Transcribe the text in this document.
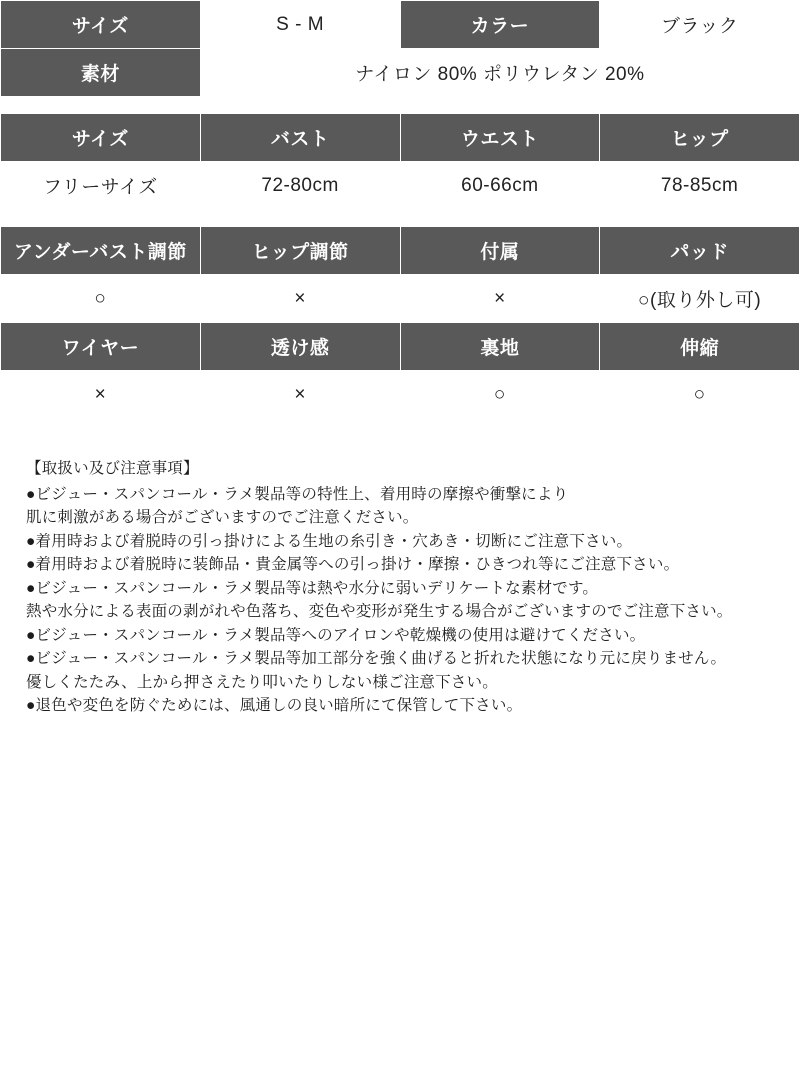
サイズ	S - M	カラー	ブラック
素材	ナイロン 80% ポリウレタン 20%		
サイズ	バスト	ウエスト	ヒップ
フリーサイズ	72-80cm	60-66cm	78-85cm
アンダーバスト調節	ヒップ調節	付属	パッド
○	×	×	○(取り外し可)
ワイヤー	透け感	裏地	伸縮
×	×	○	○

【取扱い及び注意事項】

●ビジュー・スパンコール・ラメ製品等の特性上、着用時の摩擦や衝撃により

肌に刺激がある場合がございますのでご注意ください。

●着用時および着脱時の引っ掛けによる生地の糸引き・穴あき・切断にご注意下さい。

●着用時および着脱時に装飾品・貴金属等への引っ掛け・摩擦・ひきつれ等にご注意下さい。

●ビジュー・スパンコール・ラメ製品等は熱や水分に弱いデリケートな素材です。

熱や水分による表面の剥がれや色落ち、変色や変形が発生する場合がございますのでご注意下さい。

●ビジュー・スパンコール・ラメ製品等へのアイロンや乾燥機の使用は避けてください。

●ビジュー・スパンコール・ラメ製品等加工部分を強く曲げると折れた状態になり元に戻りません。

優しくたたみ、上から押さえたり叩いたりしない様ご注意下さい。

●退色や変色を防ぐためには、風通しの良い暗所にて保管して下さい。
